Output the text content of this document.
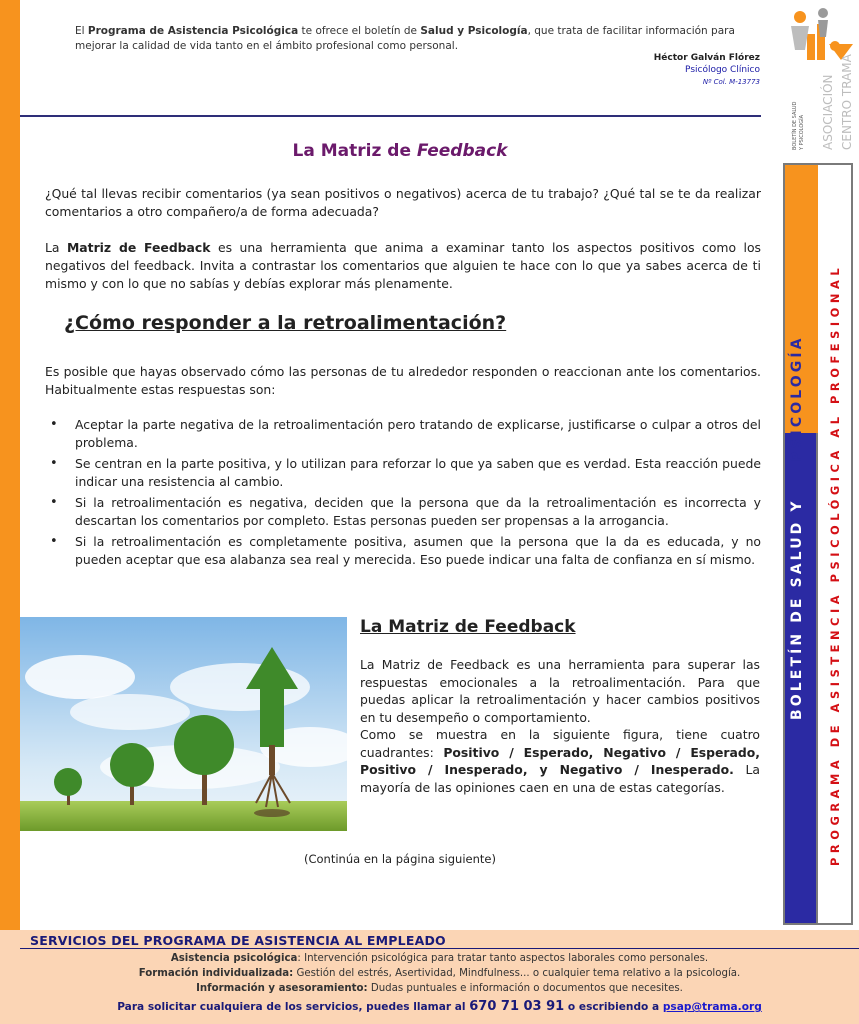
El Programa de Asistencia Psicológica te ofrece el boletín de Salud y Psicología, que trata de facilitar información para mejorar la calidad de vida tanto en el ámbito profesional como personal.
Héctor Galván Flórez
Psicólogo Clínico
Nº Col. M-13773
BOLETÍN DE SALUD Y PSICOLOGÍA ASOCIACIÓN CENTRO TRAMA
BOLETÍN DE SALUD Y
PSICOLOGÍA PROGRAMA DE ASISTENCIA PSICOLÓGICA AL PROFESIONAL
La Matriz de Feedback

¿Qué tal llevas recibir comentarios (ya sean positivos o negativos) acerca de tu trabajo? ¿Qué tal se te da realizar comentarios a otro compañero/a de forma adecuada?

La Matriz de Feedback es una herramienta que anima a examinar tanto los aspectos positivos como los negativos del feedback. Invita a contrastar los comentarios que alguien te hace con lo que ya sabes acerca de ti mismo y con lo que no sabías y debías explorar más plenamente.

¿Cómo responder a la retroalimentación?

Es posible que hayas observado cómo las personas de tu alrededor responden o reaccionan ante los comentarios. Habitualmente estas respuestas son:

• Aceptar la parte negativa de la retroalimentación pero tratando de explicarse, justificarse o culpar a otros del problema.
• Se centran en la parte positiva, y lo utilizan para reforzar lo que ya saben que es verdad. Esta reacción puede indicar una resistencia al cambio.
• Si la retroalimentación es negativa, deciden que la persona que da la retroalimentación es incorrecta y descartan los comentarios por completo. Estas personas pueden ser propensas a la arrogancia.
• Si la retroalimentación es completamente positiva, asumen que la persona que la da es educada, y no pueden aceptar que esa alabanza sea real y merecida. Eso puede indicar una falta de confianza en sí mismo.
La Matriz de Feedback

La Matriz de Feedback es una herramienta para superar las respuestas emocionales a la retroalimentación. Para que puedas aplicar la retroalimentación y hacer cambios positivos en tu desempeño o comportamiento.

Como se muestra en la siguiente figura, tiene cuatro cuadrantes: Positivo / Esperado, Negativo / Esperado, Positivo / Inesperado, y Negativo / Inesperado. La mayoría de las opiniones caen en una de estas categorías.

(Continúa en la página siguiente)
SERVICIOS DEL PROGRAMA DE ASISTENCIA AL EMPLEADO
Asistencia psicológica: Intervención psicológica para tratar tanto aspectos laborales como personales.
Formación individualizada: Gestión del estrés, Asertividad, Mindfulness... o cualquier tema relativo a la psicología.
Información y asesoramiento: Dudas puntuales e información o documentos que necesites.
Para solicitar cualquiera de los servicios, puedes llamar al 670 71 03 91 o escribiendo a psap@trama.org
